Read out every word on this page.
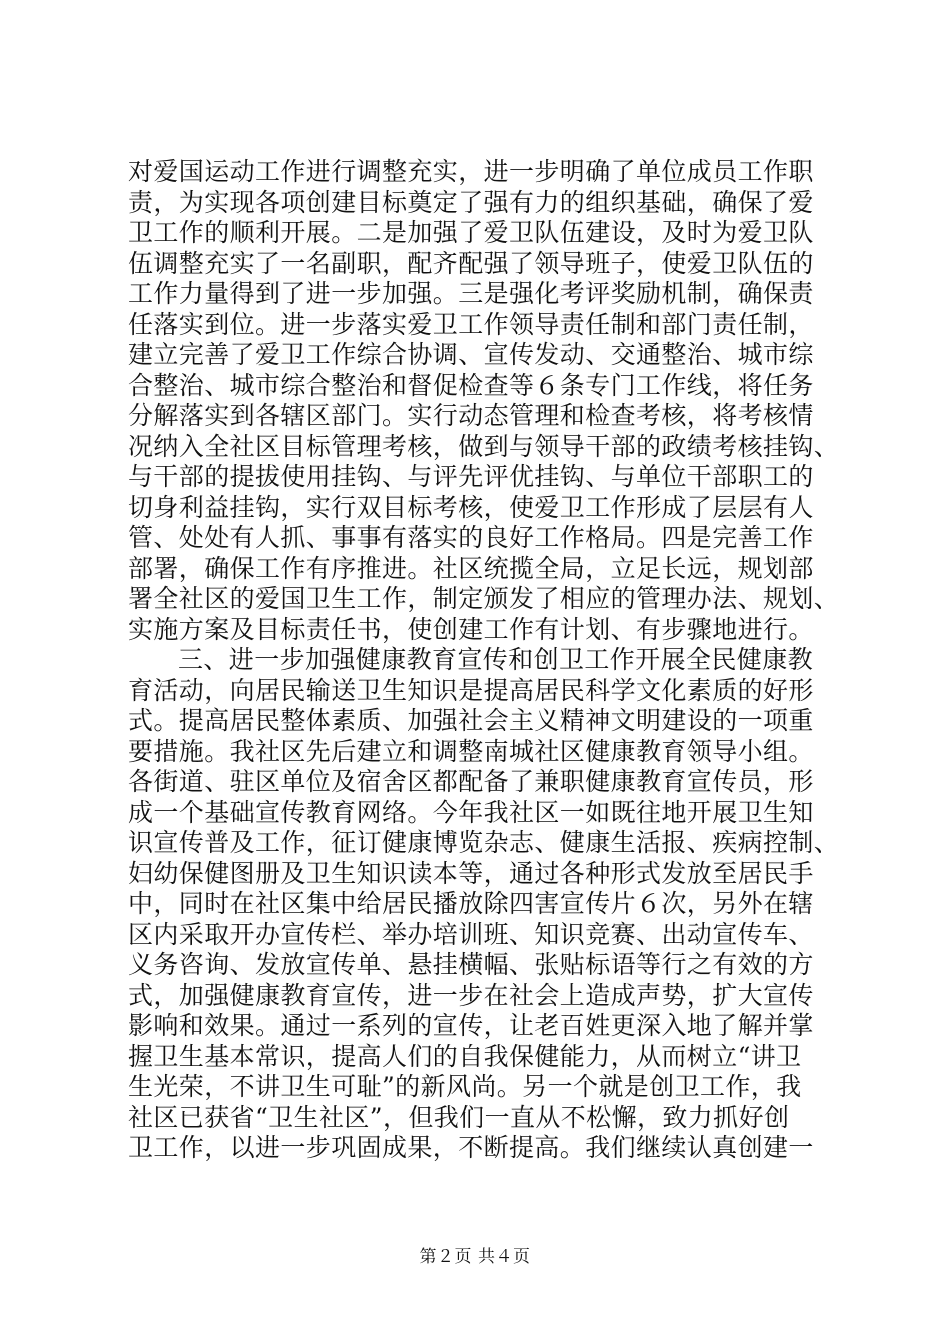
对爱国运动工作进行调整充实，进一步明确了单位成员工作职
责，为实现各项创建目标奠定了强有力的组织基础，确保了爱
卫工作的顺利开展。二是加强了爱卫队伍建设，及时为爱卫队
伍调整充实了一名副职，配齐配强了领导班子，使爱卫队伍的
工作力量得到了进一步加强。三是强化考评奖励机制，确保责
任落实到位。进一步落实爱卫工作领导责任制和部门责任制，
建立完善了爱卫工作综合协调、宣传发动、交通整治、城市综
合整治、城市综合整治和督促检查等６条专门工作线，将任务
分解落实到各辖区部门。实行动态管理和检查考核，将考核情
况纳入全社区目标管理考核，做到与领导干部的政绩考核挂钩、
与干部的提拔使用挂钩、与评先评优挂钩、与单位干部职工的
切身利益挂钩，实行双目标考核，使爱卫工作形成了层层有人
管、处处有人抓、事事有落实的良好工作格局。四是完善工作
部署，确保工作有序推进。社区统揽全局，立足长远，规划部
署全社区的爱国卫生工作，制定颁发了相应的管理办法、规划、
实施方案及目标责任书，使创建工作有计划、有步骤地进行。
三、进一步加强健康教育宣传和创卫工作开展全民健康教
育活动，向居民输送卫生知识是提高居民科学文化素质的好形
式。提高居民整体素质、加强社会主义精神文明建设的一项重
要措施。我社区先后建立和调整南城社区健康教育领导小组。
各街道、驻区单位及宿舍区都配备了兼职健康教育宣传员，形
成一个基础宣传教育网络。今年我社区一如既往地开展卫生知
识宣传普及工作，征订健康博览杂志、健康生活报、疾病控制、
妇幼保健图册及卫生知识读本等，通过各种形式发放至居民手
中，同时在社区集中给居民播放除四害宣传片６次，另外在辖
区内采取开办宣传栏、举办培训班、知识竞赛、出动宣传车、
义务咨询、发放宣传单、悬挂横幅、张贴标语等行之有效的方
式，加强健康教育宣传，进一步在社会上造成声势，扩大宣传
影响和效果。通过一系列的宣传，让老百姓更深入地了解并掌
握卫生基本常识，提高人们的自我保健能力，从而树立“讲卫
生光荣，不讲卫生可耻”的新风尚。另一个就是创卫工作，我
社区已获省“卫生社区”，但我们一直从不松懈，致力抓好创
卫工作，以进一步巩固成果，不断提高。我们继续认真创建一
第２页 共４页
